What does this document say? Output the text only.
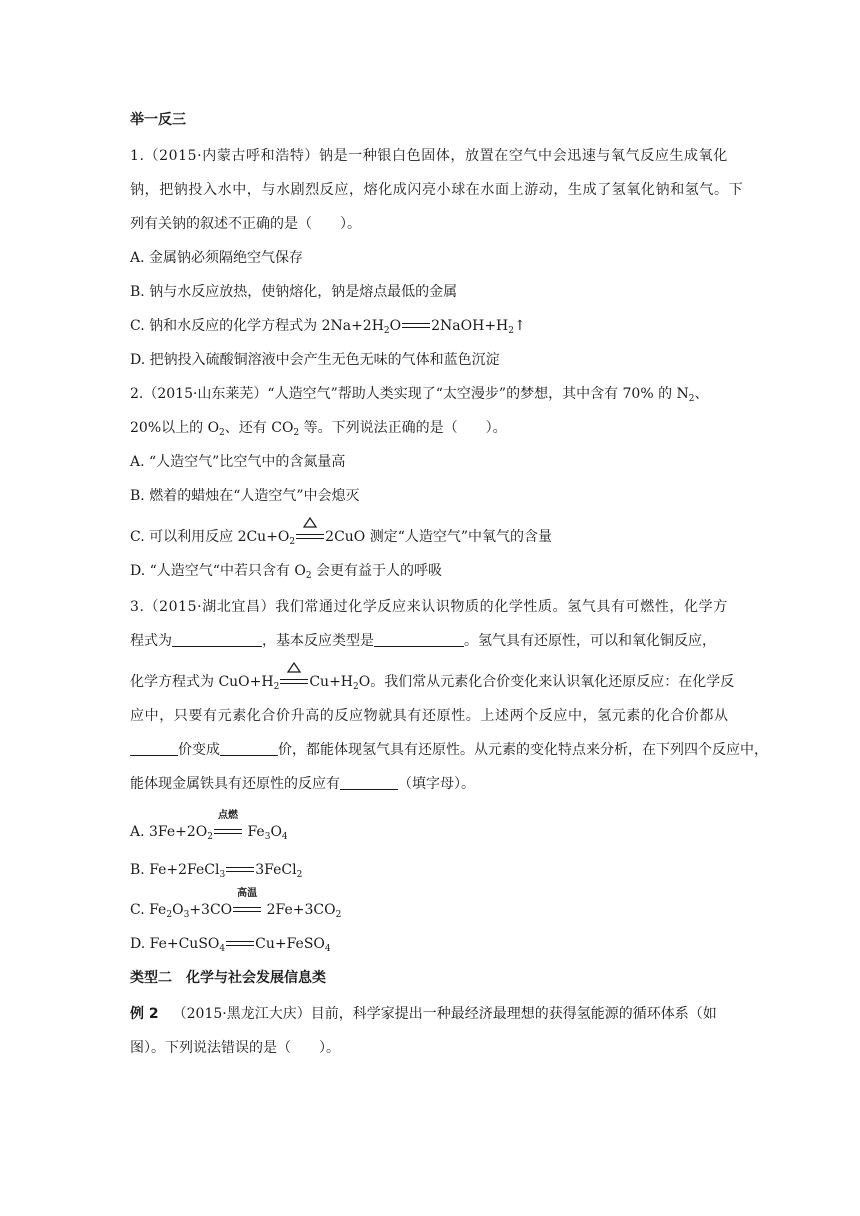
举一反三
1.（2015·内蒙古呼和浩特）钠是一种银白色固体，放置在空气中会迅速与氧气反应生成氧化
钠，把钠投入水中，与水剧烈反应，熔化成闪亮小球在水面上游动，生成了氢氧化钠和氢气。下
列有关钠的叙述不正确的是（　　）。
A. 金属钠必须隔绝空气保存
B. 钠与水反应放热，使钠熔化，钠是熔点最低的金属
C. 钠和水反应的化学方程式为 $2Na+2H_2O$ $2NaOH+H_2↑$
D. 把钠投入硫酸铜溶液中会产生无色无味的气体和蓝色沉淀
2.（2015·山东莱芜）“人造空气”帮助人类实现了“太空漫步”的梦想，其中含有 70% 的 $N_2$、
20%以上的 $O_2$、还有 $CO_2$ 等。下列说法正确的是（　　）。
A. “人造空气”比空气中的含氮量高
B. 燃着的蜡烛在“人造空气”中会熄灭
C. 可以利用反应 $2Cu+O_2$ 2CuO 测定“人造空气”中氧气的含量
D. “人造空气“中若只含有 $O_2$ 会更有益于人的呼吸
3.（2015·湖北宜昌）我们常通过化学反应来认识物质的化学性质。氢气具有可燃性，化学方
程式为	，基本反应类型是	。氢气具有还原性，可以和氧化铜反应，
化学方程式为 $CuO+H_2$ $Cu+H_2O$。我们常从元素化合价变化来认识氧化还原反应：在化学反
应中，只要有元素化合价升高的反应物就具有还原性。上述两个反应中，氢元素的化合价都从
价变成	价，都能体现氢气具有还原性。从元素的变化特点来分析，在下列四个反应中，
能体现金属铁具有还原性的反应有	（填字母）。
A. $3Fe+2O_2$
点燃
$Fe_3O_4$
B. Fe+2FeCl$_3$ 3FeCl$_2$
C. $Fe_2O_3+3CO$
高温
$2Fe+3CO_2$
D. Fe+CuSO$_4$ Cu+FeSO$_4$
类型二　化学与社会发展信息类
例 2 （2015·黑龙江大庆）目前，科学家提出一种最经济最理想的获得氢能源的循环体系（如
图）。下列说法错误的是（　　）。
